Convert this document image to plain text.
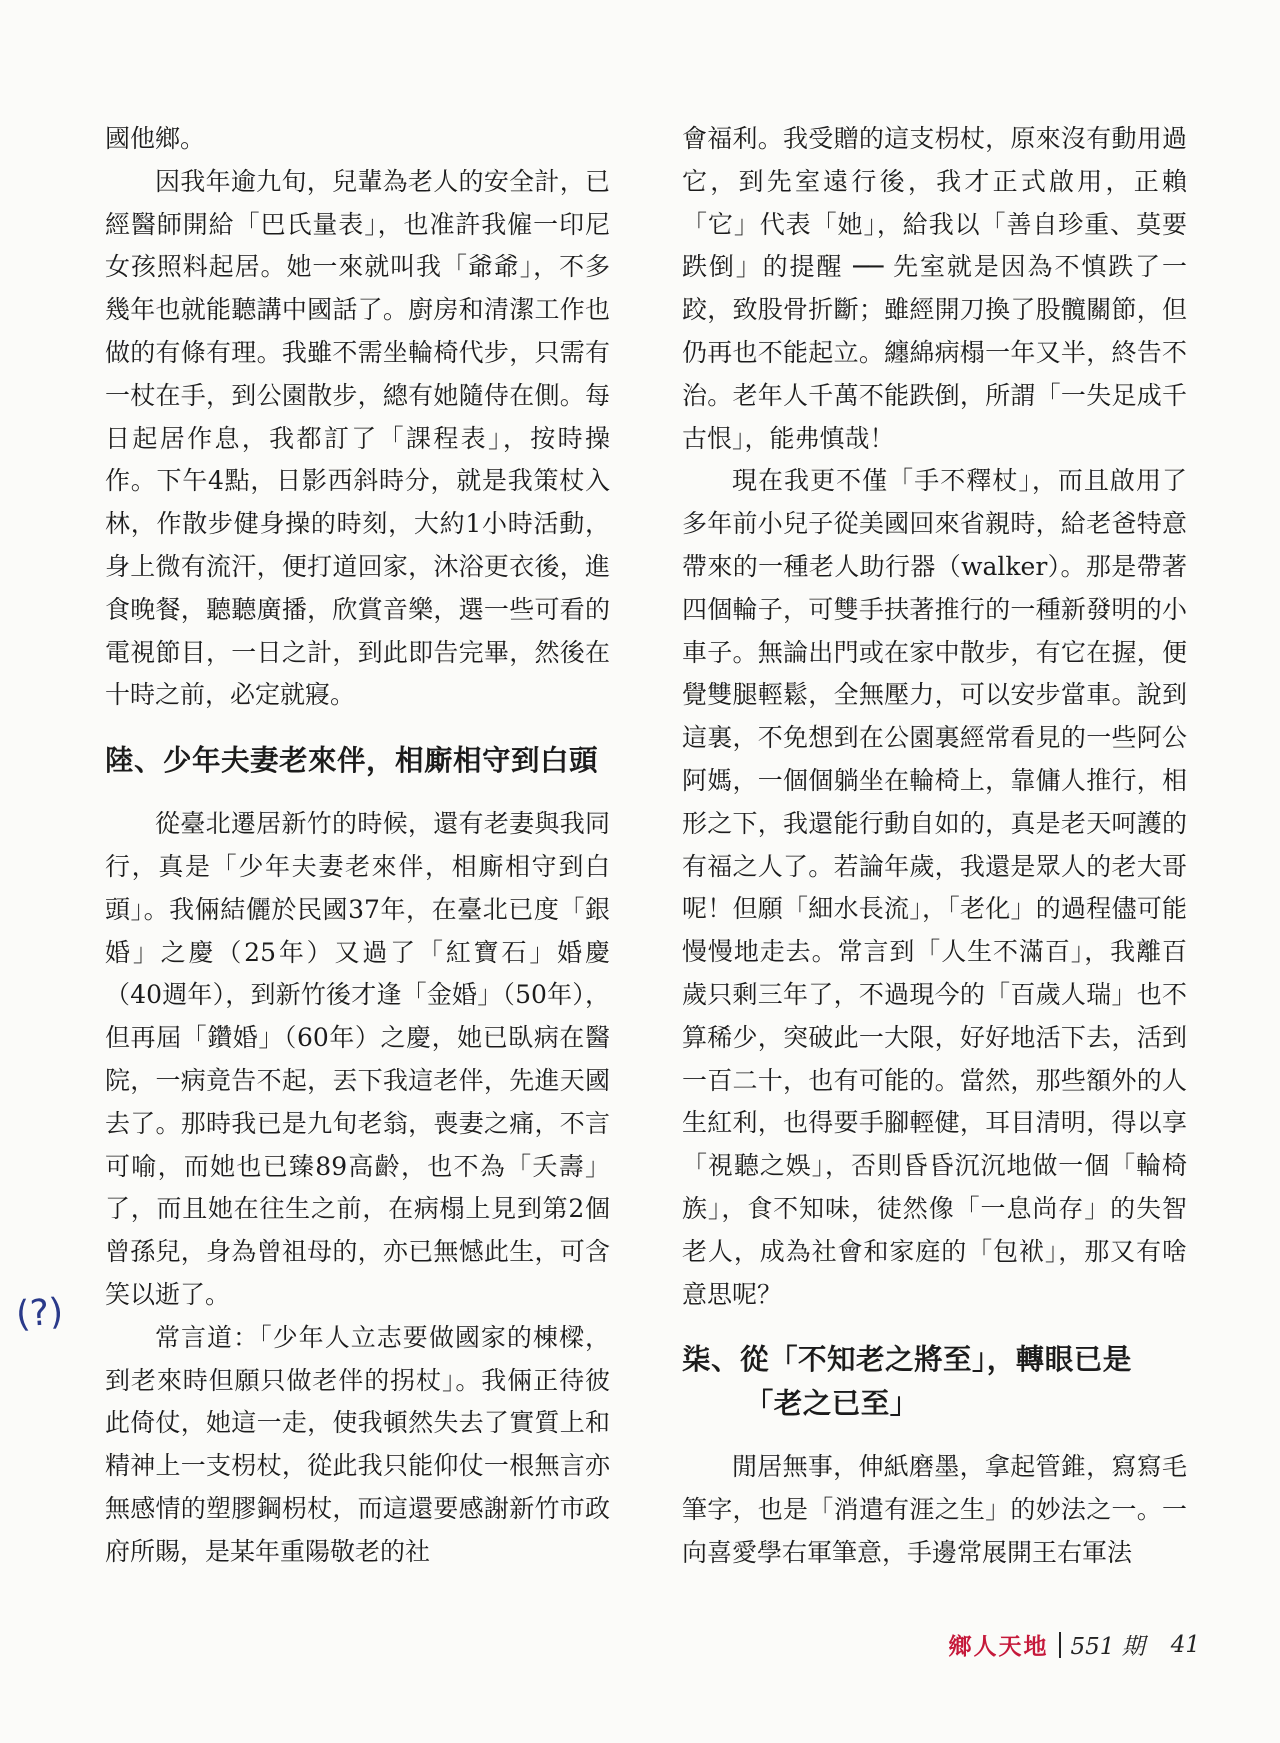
(?)

國他鄉。

因我年逾九旬，兒輩為老人的安全計，已經醫師開給「巴氏量表」，也准許我僱一印尼女孩照料起居。她一來就叫我「爺爺」，不多幾年也就能聽講中國話了。廚房和清潔工作也做的有條有理。我雖不需坐輪椅代步，只需有一杖在手，到公園散步，總有她隨侍在側。每日起居作息，我都訂了「課程表」，按時操作。下午4點，日影西斜時分，就是我策杖入林，作散步健身操的時刻，大約1小時活動，身上微有流汗，便打道回家，沐浴更衣後，進食晚餐，聽聽廣播，欣賞音樂，選一些可看的電視節目，一日之計，到此即告完畢，然後在十時之前，必定就寢。

陸、少年夫妻老來伴，相廝相守到白頭

從臺北遷居新竹的時候，還有老妻與我同行，真是「少年夫妻老來伴，相廝相守到白頭」。我倆結儷於民國37年，在臺北已度「銀婚」之慶（25年）又過了「紅寶石」婚慶（40週年），到新竹後才逢「金婚」（50年），但再屆「鑽婚」（60年）之慶，她已臥病在醫院，一病竟告不起，丟下我這老伴，先進天國去了。那時我已是九旬老翁，喪妻之痛，不言可喻，而她也已臻89高齡，也不為「夭壽」了，而且她在往生之前，在病榻上見到第2個曾孫兒，身為曾祖母的，亦已無憾此生，可含笑以逝了。

常言道：「少年人立志要做國家的棟樑，到老來時但願只做老伴的拐杖」。我倆正待彼此倚仗，她這一走，使我頓然失去了實質上和精神上一支枴杖，從此我只能仰仗一根無言亦無感情的塑膠鋼枴杖，而這還要感謝新竹市政府所賜，是某年重陽敬老的社

會福利。我受贈的這支枴杖，原來沒有動用過它，到先室遠行後，我才正式啟用，正賴「它」代表「她」，給我以「善自珍重、莫要跌倒」的提醒 ── 先室就是因為不慎跌了一跤，致股骨折斷；雖經開刀換了股髖關節，但仍再也不能起立。纏綿病榻一年又半，終告不治。老年人千萬不能跌倒，所謂「一失足成千古恨」，能弗慎哉！

現在我更不僅「手不釋杖」，而且啟用了多年前小兒子從美國回來省親時，給老爸特意帶來的一種老人助行器（walker）。那是帶著四個輪子，可雙手扶著推行的一種新發明的小車子。無論出門或在家中散步，有它在握，便覺雙腿輕鬆，全無壓力，可以安步當車。說到這裏，不免想到在公園裏經常看見的一些阿公阿媽，一個個躺坐在輪椅上，靠傭人推行，相形之下，我還能行動自如的，真是老天呵護的有福之人了。若論年歲，我還是眾人的老大哥呢！但願「細水長流」，「老化」的過程儘可能慢慢地走去。常言到「人生不滿百」，我離百歲只剩三年了，不過現今的「百歲人瑞」也不算稀少，突破此一大限，好好地活下去，活到一百二十，也有可能的。當然，那些額外的人生紅利，也得要手腳輕健，耳目清明，得以享「視聽之娛」，否則昏昏沉沉地做一個「輪椅族」，食不知味，徒然像「一息尚存」的失智老人，成為社會和家庭的「包袱」，那又有啥意思呢？

柒、從「不知老之將至」，轉眼已是「老之已至」

閒居無事，伸紙磨墨，拿起管錐，寫寫毛筆字，也是「消遣有涯之生」的妙法之一。一向喜愛學右軍筆意，手邊常展開王右軍法

鄉人天地 551 期 41
